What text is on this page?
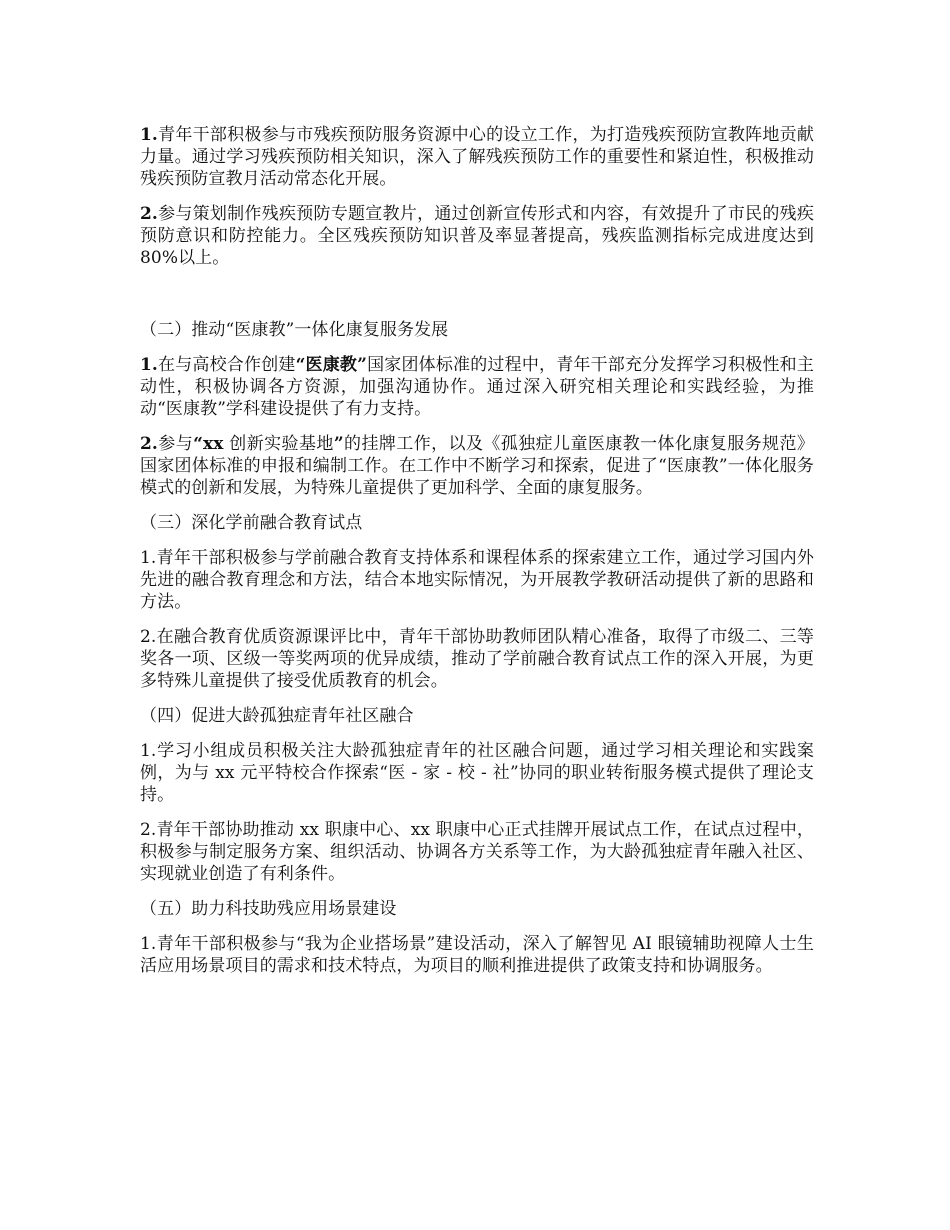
1.青年干部积极参与市残疾预防服务资源中心的设立工作，为打造残疾预防宣教阵地贡献力量。通过学习残疾预防相关知识，深入了解残疾预防工作的重要性和紧迫性，积极推动残疾预防宣教月活动常态化开展。

2.参与策划制作残疾预防专题宣教片，通过创新宣传形式和内容，有效提升了市民的残疾预防意识和防控能力。全区残疾预防知识普及率显著提高，残疾监测指标完成进度达到 80%以上。

（二）推动“医康教”一体化康复服务发展

1.在与高校合作创建“医康教”国家团体标准的过程中，青年干部充分发挥学习积极性和主动性，积极协调各方资源，加强沟通协作。通过深入研究相关理论和实践经验，为推动“医康教”学科建设提供了有力支持。

2.参与“xx 创新实验基地”的挂牌工作，以及《孤独症儿童医康教一体化康复服务规范》国家团体标准的申报和编制工作。在工作中不断学习和探索，促进了“医康教”一体化服务模式的创新和发展，为特殊儿童提供了更加科学、全面的康复服务。

（三）深化学前融合教育试点

1.青年干部积极参与学前融合教育支持体系和课程体系的探索建立工作，通过学习国内外先进的融合教育理念和方法，结合本地实际情况，为开展教学教研活动提供了新的思路和方法。

2.在融合教育优质资源课评比中，青年干部协助教师团队精心准备，取得了市级二、三等奖各一项、区级一等奖两项的优异成绩，推动了学前融合教育试点工作的深入开展，为更多特殊儿童提供了接受优质教育的机会。

（四）促进大龄孤独症青年社区融合

1.学习小组成员积极关注大龄孤独症青年的社区融合问题，通过学习相关理论和实践案例，为与 xx 元平特校合作探索“医 - 家 - 校 - 社”协同的职业转衔服务模式提供了理论支持。

2.青年干部协助推动 xx 职康中心、xx 职康中心正式挂牌开展试点工作，在试点过程中，积极参与制定服务方案、组织活动、协调各方关系等工作，为大龄孤独症青年融入社区、实现就业创造了有利条件。

（五）助力科技助残应用场景建设

1.青年干部积极参与“我为企业搭场景”建设活动，深入了解智见 AI 眼镜辅助视障人士生活应用场景项目的需求和技术特点，为项目的顺利推进提供了政策支持和协调服务。
